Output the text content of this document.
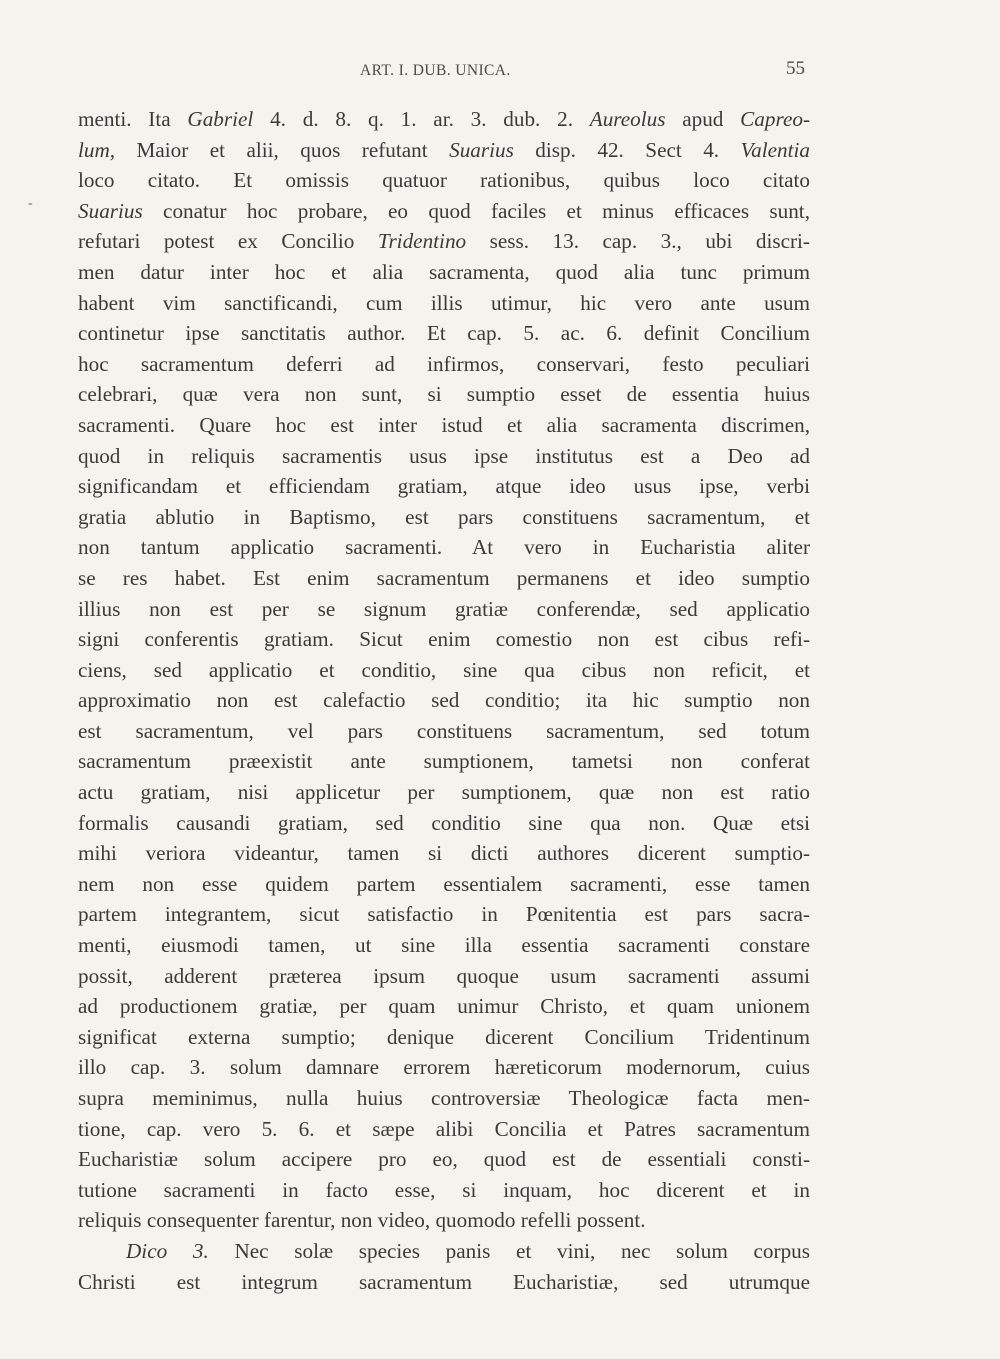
ART. I. DUB. UNICA.	55
-
menti. Ita Gabriel 4. d. 8. q. 1. ar. 3. dub. 2. Aureolus apud Capreo-
lum, Maior et alii, quos refutant Suarius disp. 42. Sect 4. Valentia
loco citato. Et omissis quatuor rationibus, quibus loco citato
Suarius conatur hoc probare, eo quod faciles et minus efficaces sunt,
refutari potest ex Concilio Tridentino sess. 13. cap. 3., ubi discri-
men datur inter hoc et alia sacramenta, quod alia tunc primum
habent vim sanctificandi, cum illis utimur, hic vero ante usum
continetur ipse sanctitatis author. Et cap. 5. ac. 6. definit Concilium
hoc sacramentum deferri ad infirmos, conservari, festo peculiari
celebrari, quæ vera non sunt, si sumptio esset de essentia huius
sacramenti. Quare hoc est inter istud et alia sacramenta discrimen,
quod in reliquis sacramentis usus ipse institutus est a Deo ad
significandam et efficiendam gratiam, atque ideo usus ipse, verbi
gratia ablutio in Baptismo, est pars constituens sacramentum, et
non tantum applicatio sacramenti. At vero in Eucharistia aliter
se res habet. Est enim sacramentum permanens et ideo sumptio
illius non est per se signum gratiæ conferendæ, sed applicatio
signi conferentis gratiam. Sicut enim comestio non est cibus refi-
ciens, sed applicatio et conditio, sine qua cibus non reficit, et
approximatio non est calefactio sed conditio; ita hic sumptio non
est sacramentum, vel pars constituens sacramentum, sed totum
sacramentum præexistit ante sumptionem, tametsi non conferat
actu gratiam, nisi applicetur per sumptionem, quæ non est ratio
formalis causandi gratiam, sed conditio sine qua non. Quæ etsi
mihi veriora videantur, tamen si dicti authores dicerent sumptio-
nem non esse quidem partem essentialem sacramenti, esse tamen
partem integrantem, sicut satisfactio in Pœnitentia est pars sacra-
menti, eiusmodi tamen, ut sine illa essentia sacramenti constare
possit, adderent præterea ipsum quoque usum sacramenti assumi
ad productionem gratiæ, per quam unimur Christo, et quam unionem
significat externa sumptio; denique dicerent Concilium Tridentinum
illo cap. 3. solum damnare errorem hæreticorum modernorum, cuius
supra meminimus, nulla huius controversiæ Theologicæ facta men-
tione, cap. vero 5. 6. et sæpe alibi Concilia et Patres sacramentum
Eucharistiæ solum accipere pro eo, quod est de essentiali consti-
tutione sacramenti in facto esse, si inquam, hoc dicerent et in
reliquis consequenter farentur, non video, quomodo refelli possent.
Dico 3. Nec solæ species panis et vini, nec solum corpus
Christi est integrum sacramentum Eucharistiæ, sed utrumque
